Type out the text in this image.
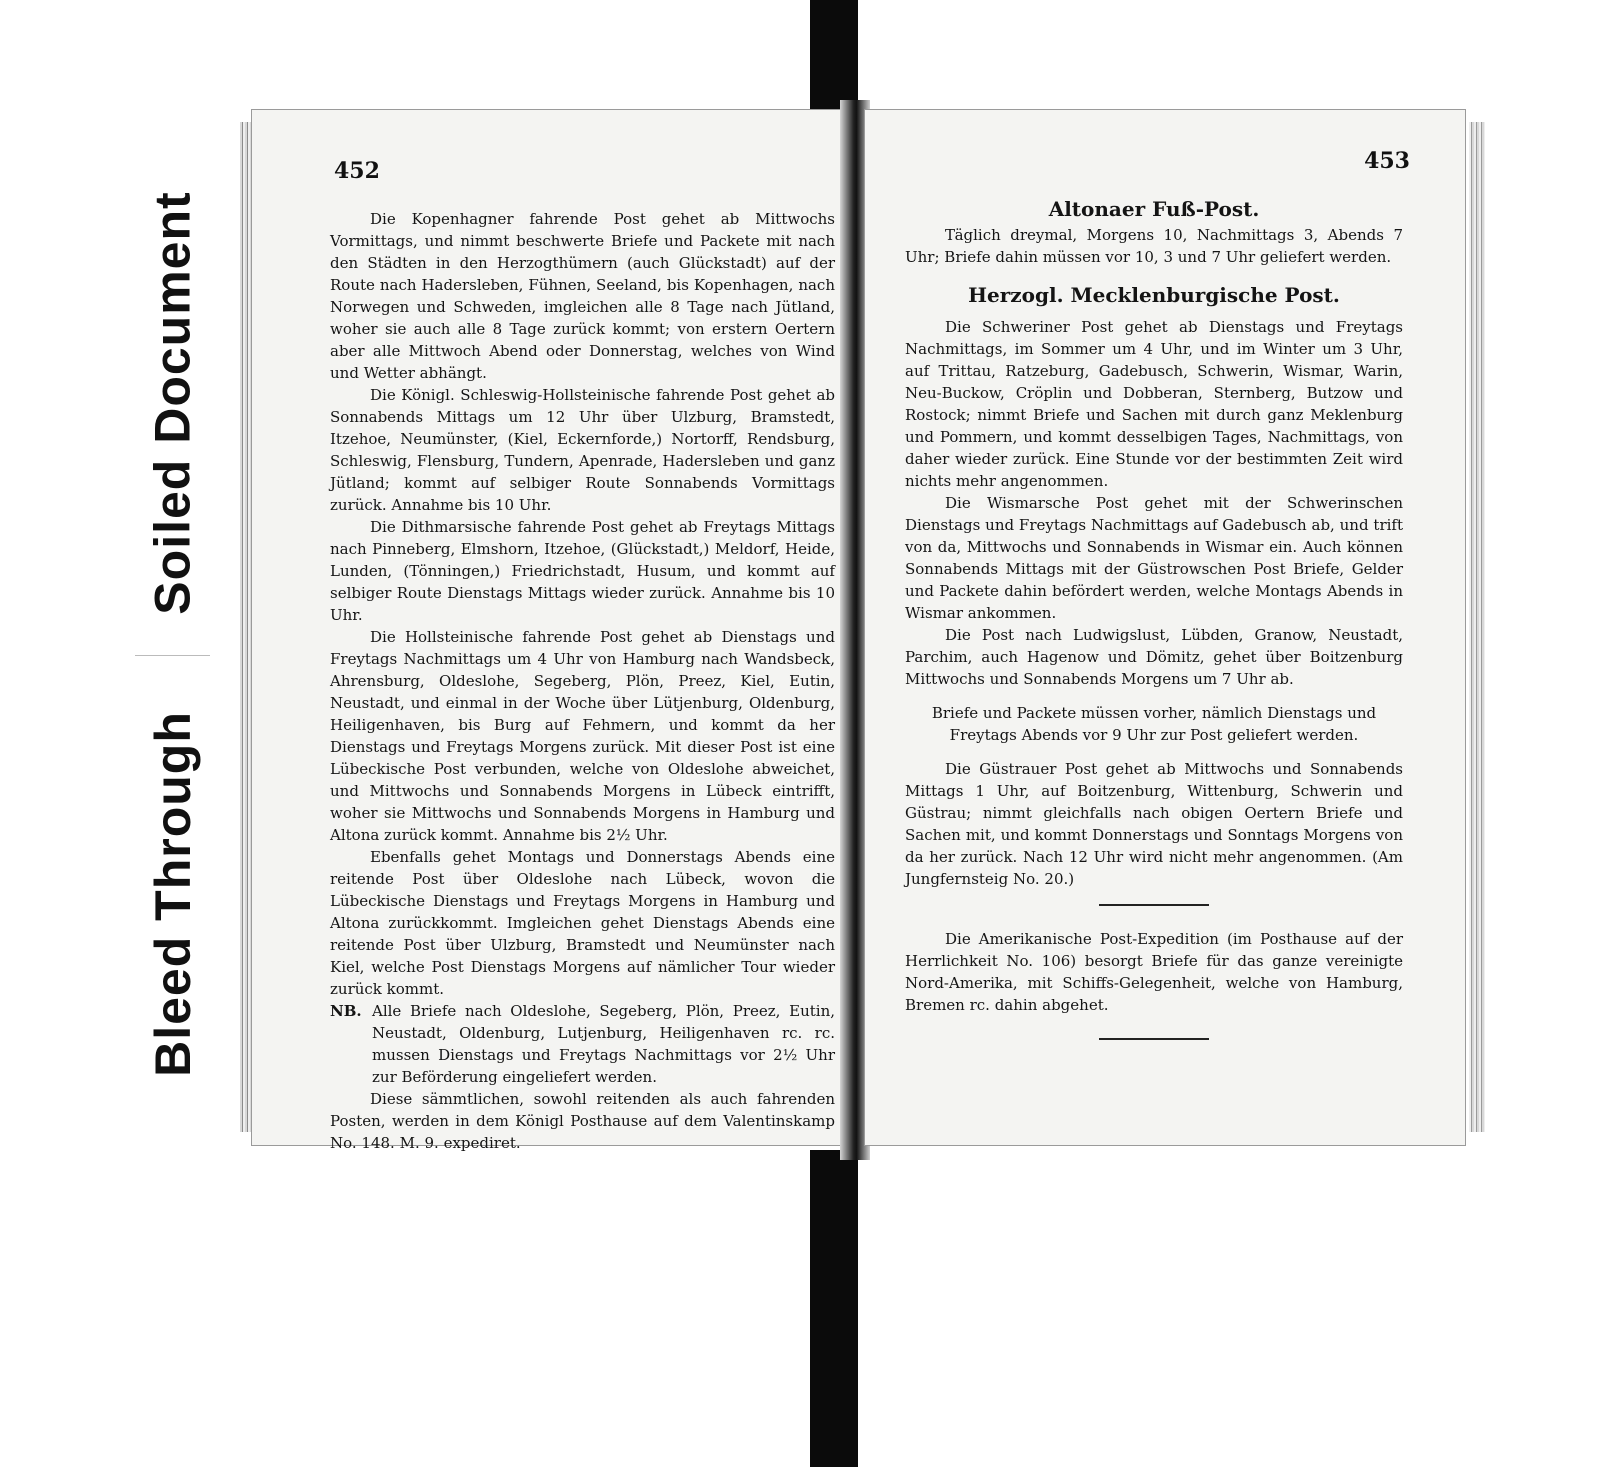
Soiled Document
Bleed Through
452

Die Kopenhagner fahrende Post gehet ab Mittwochs Vormittags, und nimmt beschwerte Briefe und Packete mit nach den Städten in den Herzogthümern (auch Glückstadt) auf der Route nach Hadersleben, Fühnen, Seeland, bis Kopenhagen, nach Norwegen und Schweden, imgleichen alle 8 Tage nach Jütland, woher sie auch alle 8 Tage zurück kommt; von erstern Oertern aber alle Mittwoch Abend oder Donnerstag, welches von Wind und Wetter abhängt.

Die Königl. Schleswig-Hollsteinische fahrende Post gehet ab Sonnabends Mittags um 12 Uhr über Ulzburg, Bramstedt, Itzehoe, Neumünster, (Kiel, Eckernforde,) Nortorff, Rendsburg, Schleswig, Flensburg, Tundern, Apenrade, Hadersleben und ganz Jütland; kommt auf selbiger Route Sonnabends Vormittags zurück. Annahme bis 10 Uhr.

Die Dithmarsische fahrende Post gehet ab Freytags Mittags nach Pinneberg, Elmshorn, Itzehoe, (Glückstadt,) Meldorf, Heide, Lunden, (Tönningen,) Friedrichstadt, Husum, und kommt auf selbiger Route Dienstags Mittags wieder zurück. Annahme bis 10 Uhr.

Die Hollsteinische fahrende Post gehet ab Dienstags und Freytags Nachmittags um 4 Uhr von Hamburg nach Wandsbeck, Ahrensburg, Oldeslohe, Segeberg, Plön, Preez, Kiel, Eutin, Neustadt, und einmal in der Woche über Lütjenburg, Oldenburg, Heiligenhaven, bis Burg auf Fehmern, und kommt da her Dienstags und Freytags Morgens zurück. Mit dieser Post ist eine Lübeckische Post verbunden, welche von Oldeslohe abweichet, und Mittwochs und Sonnabends Morgens in Lübeck eintrifft, woher sie Mittwochs und Sonnabends Morgens in Hamburg und Altona zurück kommt. Annahme bis 2½ Uhr.

Ebenfalls gehet Montags und Donnerstags Abends eine reitende Post über Oldeslohe nach Lübeck, wovon die Lübeckische Dienstags und Freytags Morgens in Hamburg und Altona zurückkommt. Imgleichen gehet Dienstags Abends eine reitende Post über Ulzburg, Bramstedt und Neumünster nach Kiel, welche Post Dienstags Morgens auf nämlicher Tour wieder zurück kommt.

NB. Alle Briefe nach Oldeslohe, Segeberg, Plön, Preez, Eutin, Neustadt, Oldenburg, Lutjenburg, Heiligenhaven rc. rc. mussen Dienstags und Freytags Nachmittags vor 2½ Uhr zur Beförderung eingeliefert werden.

Diese sämmtlichen, sowohl reitenden als auch fahrenden Posten, werden in dem Königl Posthause auf dem Valentinskamp No. 148. M. 9. expediret.

453
Altonaer Fuß-Post.

Täglich dreymal, Morgens 10, Nachmittags 3, Abends 7 Uhr; Briefe dahin müssen vor 10, 3 und 7 Uhr geliefert werden.

Herzogl. Mecklenburgische Post.

Die Schweriner Post gehet ab Dienstags und Freytags Nachmittags, im Sommer um 4 Uhr, und im Winter um 3 Uhr, auf Trittau, Ratzeburg, Gadebusch, Schwerin, Wismar, Warin, Neu-Buckow, Cröplin und Dobberan, Sternberg, Butzow und Rostock; nimmt Briefe und Sachen mit durch ganz Meklenburg und Pommern, und kommt desselbigen Tages, Nachmittags, von daher wieder zurück. Eine Stunde vor der bestimmten Zeit wird nichts mehr angenommen.

Die Wismarsche Post gehet mit der Schwerinschen Dienstags und Freytags Nachmittags auf Gadebusch ab, und trift von da, Mittwochs und Sonnabends in Wismar ein. Auch können Sonnabends Mittags mit der Güstrowschen Post Briefe, Gelder und Packete dahin befördert werden, welche Montags Abends in Wismar ankommen.

Die Post nach Ludwigslust, Lübden, Granow, Neustadt, Parchim, auch Hagenow und Dömitz, gehet über Boitzenburg Mittwochs und Sonnabends Morgens um 7 Uhr ab.

Briefe und Packete müssen vorher, nämlich Dienstags und Freytags Abends vor 9 Uhr zur Post geliefert werden.

Die Güstrauer Post gehet ab Mittwochs und Sonnabends Mittags 1 Uhr, auf Boitzenburg, Wittenburg, Schwerin und Güstrau; nimmt gleichfalls nach obigen Oertern Briefe und Sachen mit, und kommt Donnerstags und Sonntags Morgens von da her zurück. Nach 12 Uhr wird nicht mehr angenommen. (Am Jungfernsteig No. 20.)

Die Amerikanische Post-Expedition (im Posthause auf der Herrlichkeit No. 106) besorgt Briefe für das ganze vereinigte Nord-Amerika, mit Schiffs-Gelegenheit, welche von Hamburg, Bremen rc. dahin abgehet.
